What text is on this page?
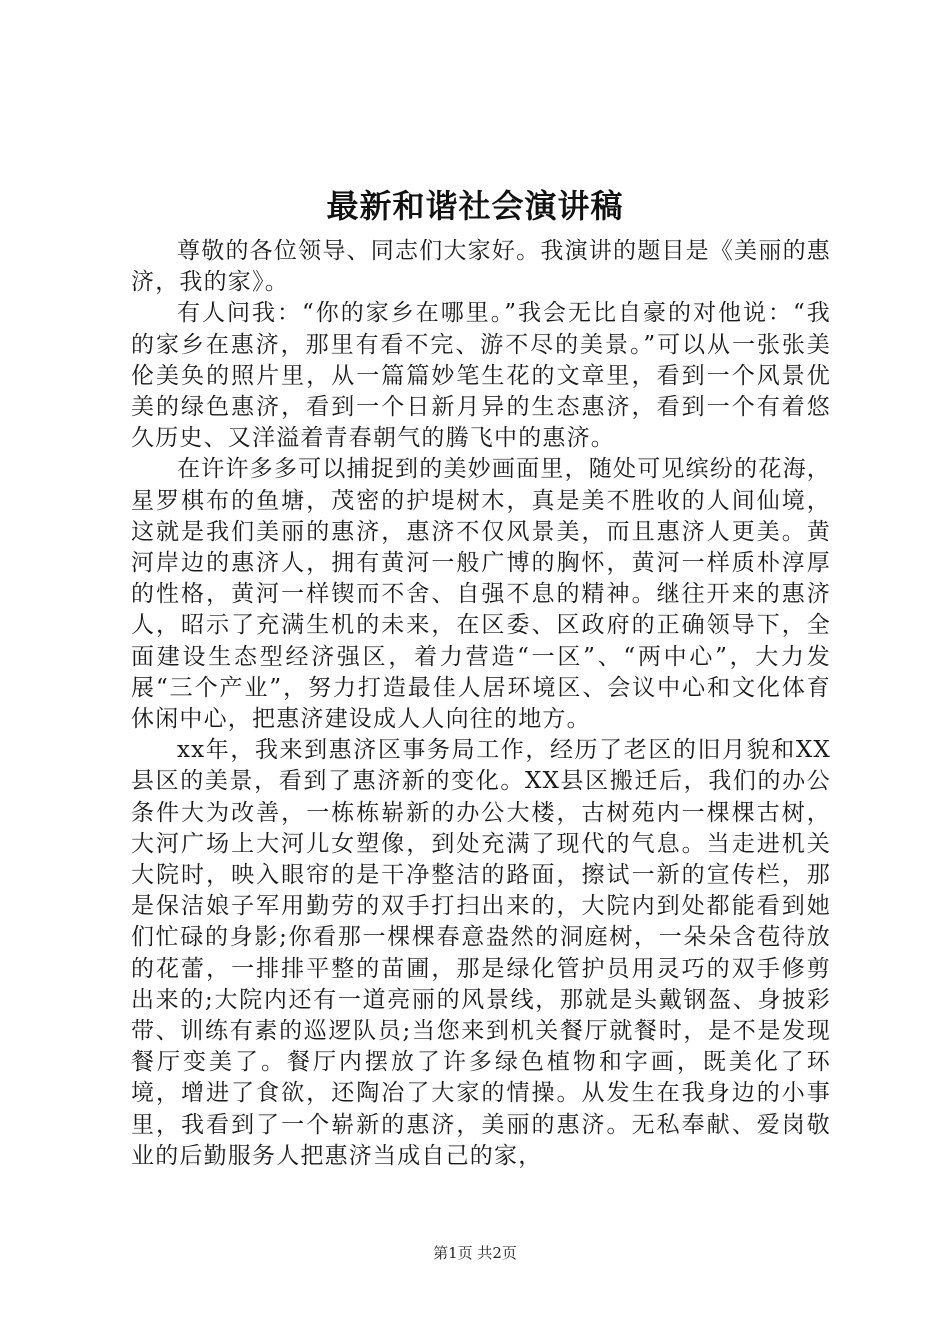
最新和谐社会演讲稿

尊敬的各位领导、同志们大家好。我演讲的题目是《美丽的惠济，我的家》。

有人问我：“你的家乡在哪里。”我会无比自豪的对他说：“我的家乡在惠济，那里有看不完、游不尽的美景。”可以从一张张美伦美奂的照片里，从一篇篇妙笔生花的文章里，看到一个风景优美的绿色惠济，看到一个日新月异的生态惠济，看到一个有着悠久历史、又洋溢着青春朝气的腾飞中的惠济。

在许许多多可以捕捉到的美妙画面里，随处可见缤纷的花海，星罗棋布的鱼塘，茂密的护堤树木，真是美不胜收的人间仙境，这就是我们美丽的惠济，惠济不仅风景美，而且惠济人更美。黄河岸边的惠济人，拥有黄河一般广博的胸怀，黄河一样质朴淳厚的性格，黄河一样锲而不舍、自强不息的精神。继往开来的惠济人，昭示了充满生机的未来，在区委、区政府的正确领导下，全面建设生态型经济强区，着力营造“一区”、“两中心”，大力发展“三个产业”，努力打造最佳人居环境区、会议中心和文化体育休闲中心，把惠济建设成人人向往的地方。

xx年，我来到惠济区事务局工作，经历了老区的旧月貌和XX县区的美景，看到了惠济新的变化。XX县区搬迁后，我们的办公条件大为改善，一栋栋崭新的办公大楼，古树苑内一棵棵古树，大河广场上大河儿女塑像，到处充满了现代的气息。当走进机关大院时，映入眼帘的是干净整洁的路面，擦试一新的宣传栏，那是保洁娘子军用勤劳的双手打扫出来的，大院内到处都能看到她们忙碌的身影;你看那一棵棵春意盎然的洞庭树，一朵朵含苞待放的花蕾，一排排平整的苗圃，那是绿化管护员用灵巧的双手修剪出来的;大院内还有一道亮丽的风景线，那就是头戴钢盔、身披彩带、训练有素的巡逻队员;当您来到机关餐厅就餐时，是不是发现餐厅变美了。餐厅内摆放了许多绿色植物和字画，既美化了环境，增进了食欲，还陶冶了大家的情操。从发生在我身边的小事里，我看到了一个崭新的惠济，美丽的惠济。无私奉献、爱岗敬业的后勤服务人把惠济当成自己的家，

第1页 共2页
